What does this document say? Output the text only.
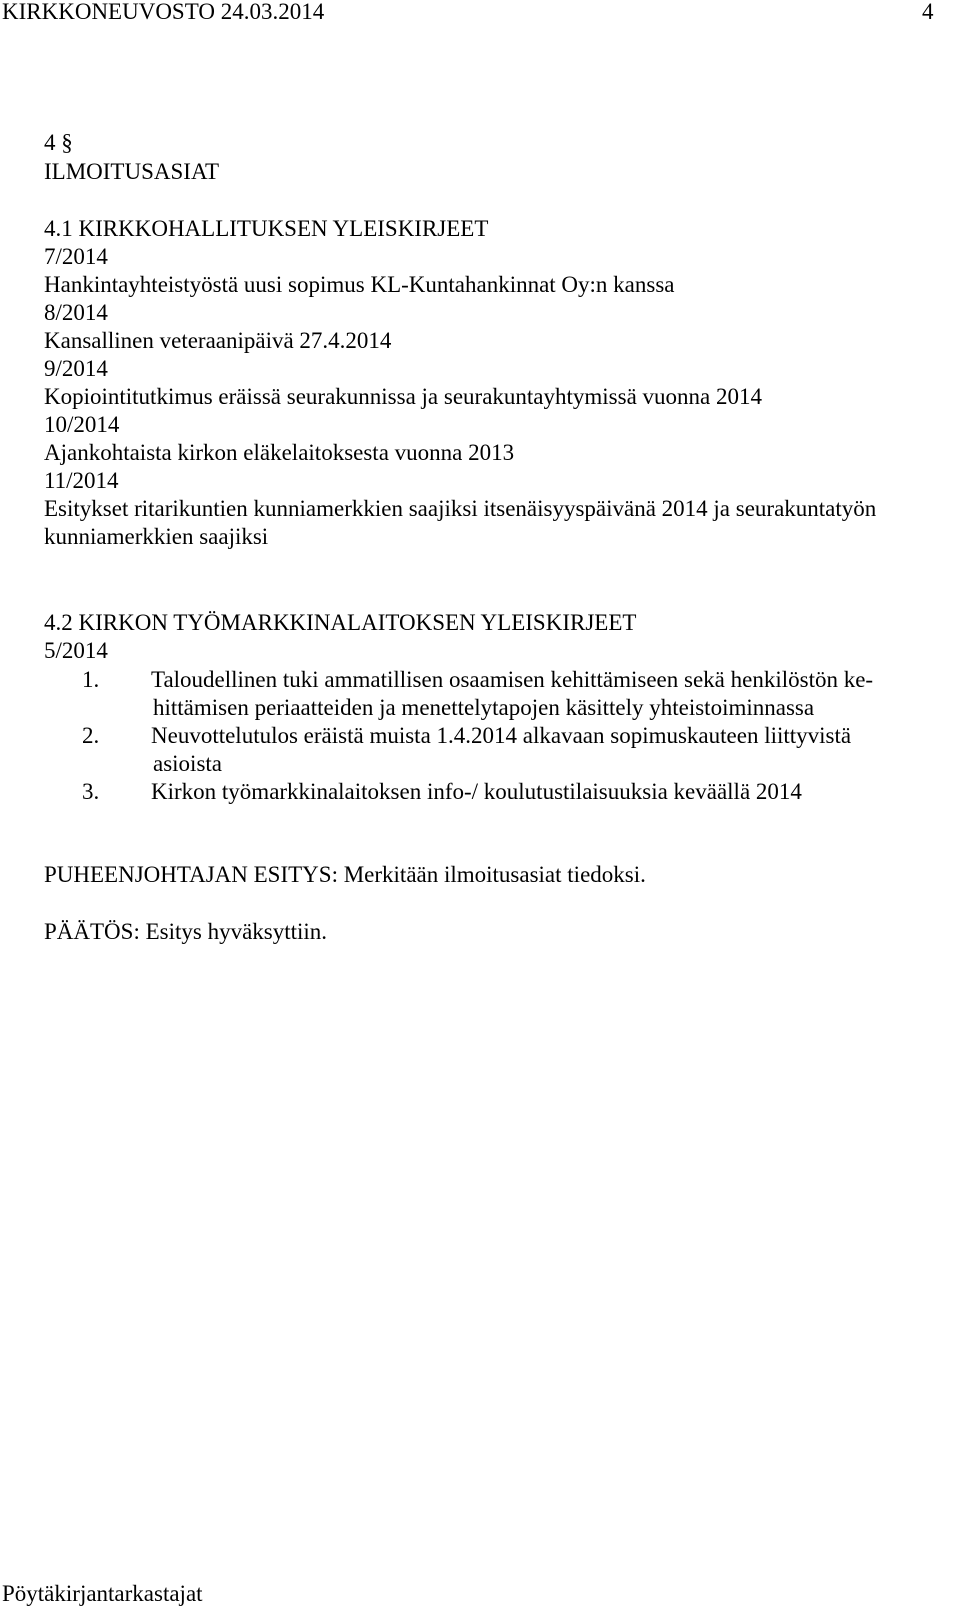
KIRKKONEUVOSTO 24.03.2014	4
4 §
ILMOITUSASIAT
4.1 KIRKKOHALLITUKSEN YLEISKIRJEET
7/2014
Hankintayhteistyöstä uusi sopimus KL-Kuntahankinnat Oy:n kanssa
8/2014
Kansallinen veteraanipäivä 27.4.2014
9/2014
Kopiointitutkimus eräissä seurakunnissa ja seurakuntayhtymissä vuonna 2014
10/2014
Ajankohtaista kirkon eläkelaitoksesta vuonna 2013
11/2014
Esitykset ritarikuntien kunniamerkkien saajiksi itsenäisyyspäivänä 2014 ja seurakuntatyön
kunniamerkkien saajiksi
4.2 KIRKON TYÖMARKKINALAITOKSEN YLEISKIRJEET
5/2014
1. Taloudellinen tuki ammatillisen osaamisen kehittämiseen sekä henkilöstön ke-
hittämisen periaatteiden ja menettelytapojen käsittely yhteistoiminnassa
2. Neuvottelutulos eräistä muista 1.4.2014 alkavaan sopimuskauteen liittyvistä
asioista
3. Kirkon työmarkkinalaitoksen info-/ koulutustilaisuuksia keväällä 2014
PUHEENJOHTAJAN ESITYS: Merkitään ilmoitusasiat tiedoksi.
PÄÄTÖS: Esitys hyväksyttiin.
Pöytäkirjantarkastajat
